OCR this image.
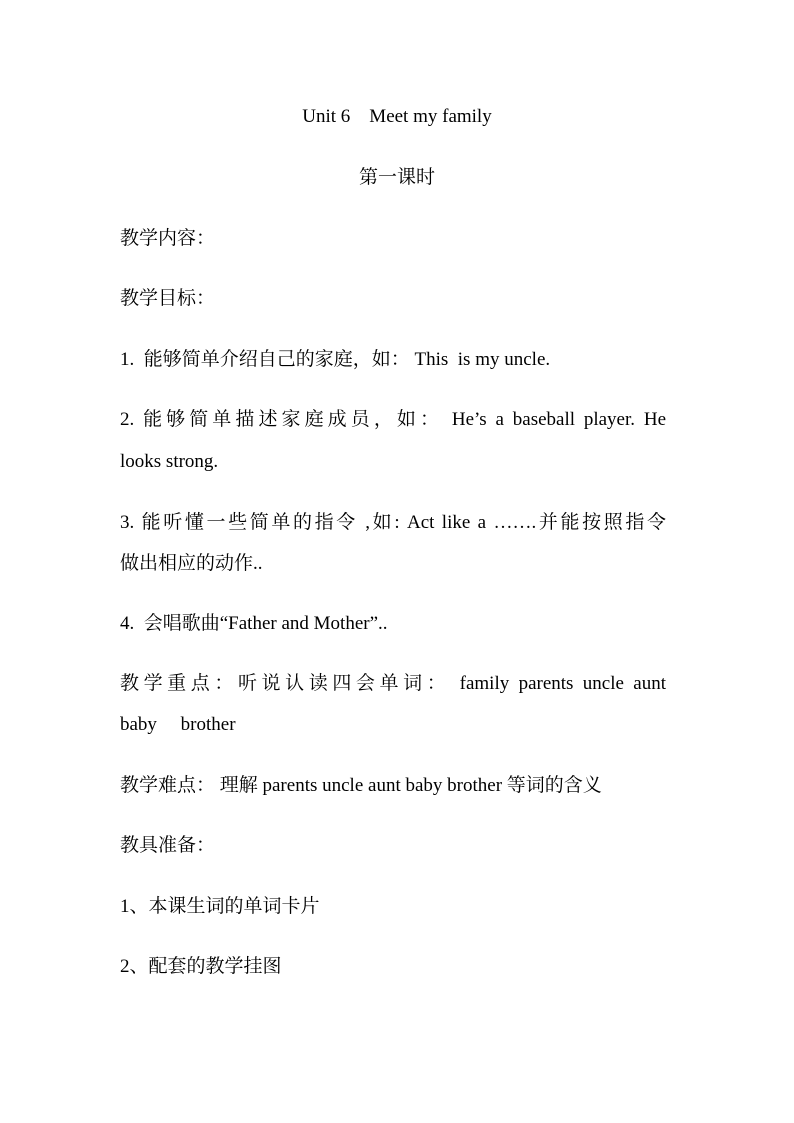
Unit 6    Meet my family
第一课时
教学内容：
教学目标：
1.  能够简单介绍自己的家庭，如： This  is my uncle.
2. 能够简单描述家庭成员，如： He’s a baseball player. He
looks strong.
3. 能听懂一些简单的指令 ,如: Act like a …….并能按照指令
做出相应的动作..
4.  会唱歌曲“Father and Mother”..
教学重点：听说认读四会单词： family parents uncle aunt
baby     brother
教学难点： 理解 parents uncle aunt baby brother 等词的含义
教具准备：
1、本课生词的单词卡片
2、配套的教学挂图
